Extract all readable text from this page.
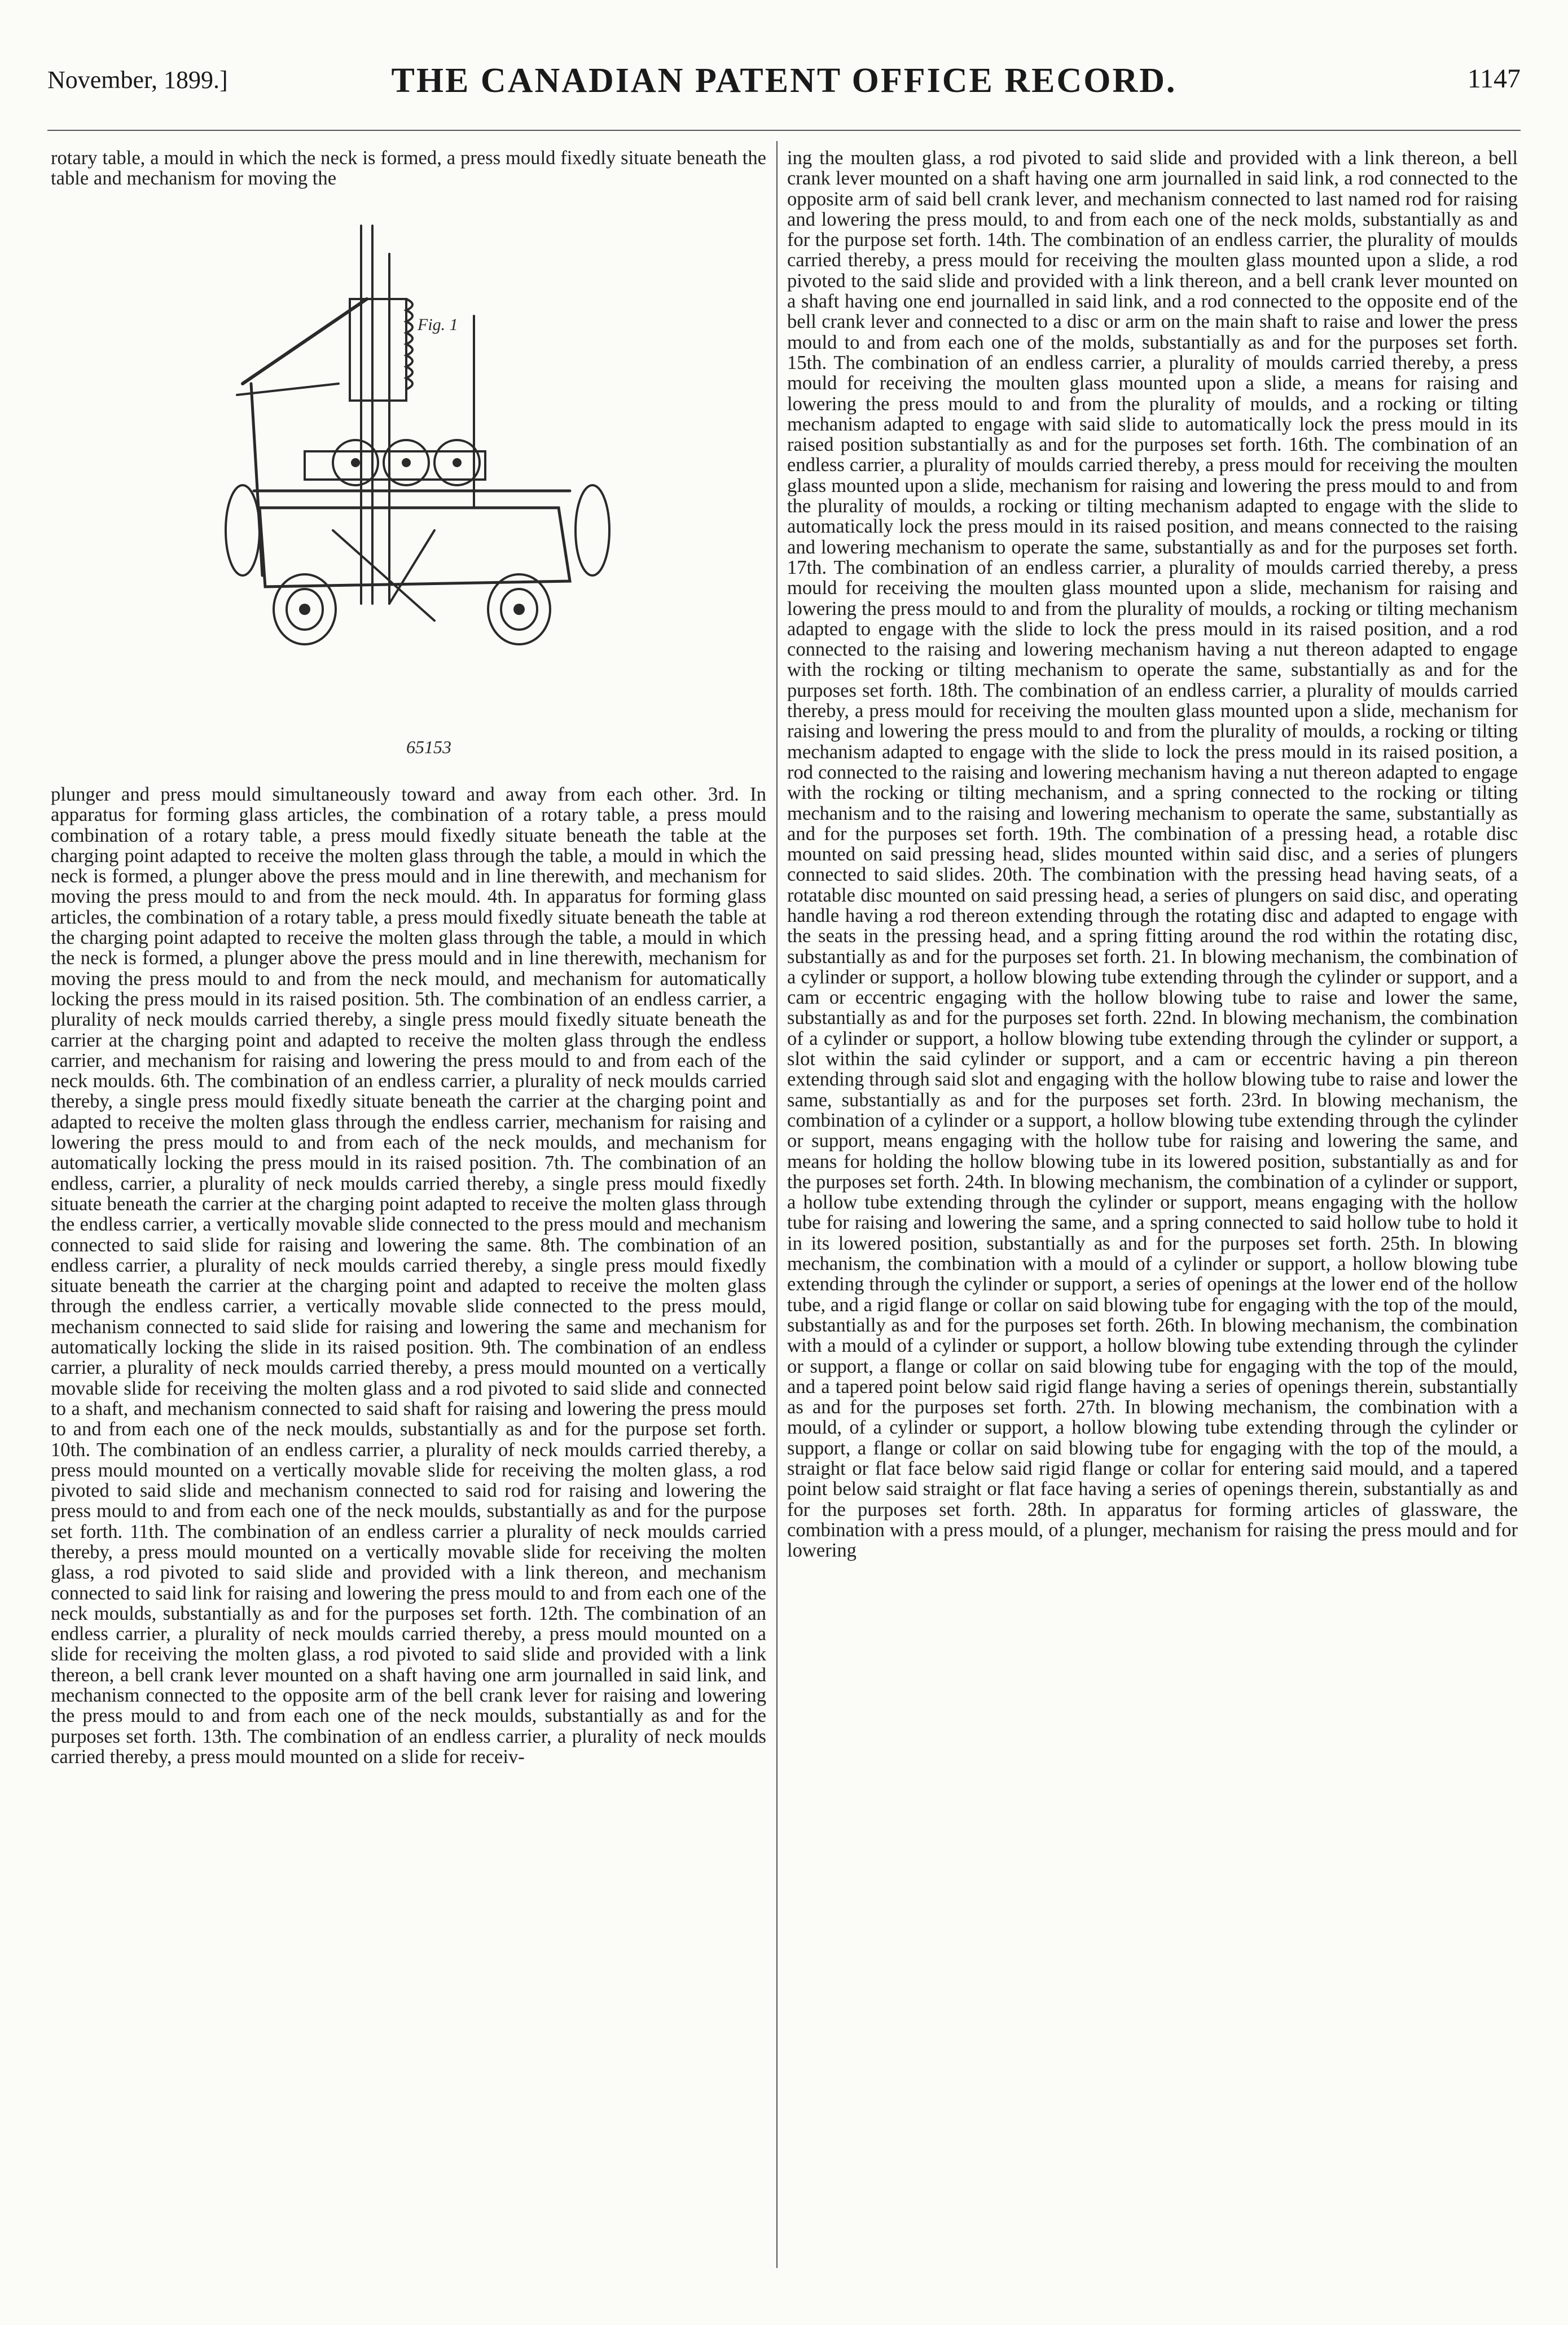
November, 1899.]	THE CANADIAN PATENT OFFICE RECORD.	1147

rotary table, a mould in which the neck is formed, a press mould fixedly situate beneath the table and mechanism for moving the

Fig. 1
65153

plunger and press mould simultaneously toward and away from each other. 3rd. In apparatus for forming glass articles, the combination of a rotary table, a press mould combination of a rotary table, a press mould fixedly situate beneath the table at the charging point adapted to receive the molten glass through the table, a mould in which the neck is formed, a plunger above the press mould and in line therewith, and mechanism for moving the press mould to and from the neck mould. 4th. In apparatus for forming glass articles, the combination of a rotary table, a press mould fixedly situate beneath the table at the charging point adapted to receive the molten glass through the table, a mould in which the neck is formed, a plunger above the press mould and in line therewith, mechanism for moving the press mould to and from the neck mould, and mechanism for automatically locking the press mould in its raised position. 5th. The combination of an endless carrier, a plurality of neck moulds carried thereby, a single press mould fixedly situate beneath the carrier at the charging point and adapted to receive the molten glass through the endless carrier, and mechanism for raising and lowering the press mould to and from each of the neck moulds. 6th. The combination of an endless carrier, a plurality of neck moulds carried thereby, a single press mould fixedly situate beneath the carrier at the charging point and adapted to receive the molten glass through the endless carrier, mechanism for raising and lowering the press mould to and from each of the neck moulds, and mechanism for automatically locking the press mould in its raised position. 7th. The combination of an endless, carrier, a plurality of neck moulds carried thereby, a single press mould fixedly situate beneath the carrier at the charging point adapted to receive the molten glass through the endless carrier, a vertically movable slide connected to the press mould and mechanism connected to said slide for raising and lowering the same. 8th. The combination of an endless carrier, a plurality of neck moulds carried thereby, a single press mould fixedly situate beneath the carrier at the charging point and adapted to receive the molten glass through the endless carrier, a vertically movable slide connected to the press mould, mechanism connected to said slide for raising and lowering the same and mechanism for automatically locking the slide in its raised position. 9th. The combination of an endless carrier, a plurality of neck moulds carried thereby, a press mould mounted on a vertically movable slide for receiving the molten glass and a rod pivoted to said slide and connected to a shaft, and mechanism connected to said shaft for raising and lowering the press mould to and from each one of the neck moulds, substantially as and for the purpose set forth. 10th. The combination of an endless carrier, a plurality of neck moulds carried thereby, a press mould mounted on a vertically movable slide for receiving the molten glass, a rod pivoted to said slide and mechanism connected to said rod for raising and lowering the press mould to and from each one of the neck moulds, substantially as and for the purpose set forth. 11th. The combination of an endless carrier a plurality of neck moulds carried thereby, a press mould mounted on a vertically movable slide for receiving the molten glass, a rod pivoted to said slide and provided with a link thereon, and mechanism connected to said link for raising and lowering the press mould to and from each one of the neck moulds, substantially as and for the purposes set forth. 12th. The combination of an endless carrier, a plurality of neck moulds carried thereby, a press mould mounted on a slide for receiving the molten glass, a rod pivoted to said slide and provided with a link thereon, a bell crank lever mounted on a shaft having one arm journalled in said link, and mechanism connected to the opposite arm of the bell crank lever for raising and lowering the press mould to and from each one of the neck moulds, substantially as and for the purposes set forth. 13th. The combination of an endless carrier, a plurality of neck moulds carried thereby, a press mould mounted on a slide for receiv-

ing the moulten glass, a rod pivoted to said slide and provided with a link thereon, a bell crank lever mounted on a shaft having one arm journalled in said link, a rod connected to the opposite arm of said bell crank lever, and mechanism connected to last named rod for raising and lowering the press mould, to and from each one of the neck molds, substantially as and for the purpose set forth. 14th. The combination of an endless carrier, the plurality of moulds carried thereby, a press mould for receiving the moulten glass mounted upon a slide, a rod pivoted to the said slide and provided with a link thereon, and a bell crank lever mounted on a shaft having one end journalled in said link, and a rod connected to the opposite end of the bell crank lever and connected to a disc or arm on the main shaft to raise and lower the press mould to and from each one of the molds, substantially as and for the purposes set forth. 15th. The combination of an endless carrier, a plurality of moulds carried thereby, a press mould for receiving the moulten glass mounted upon a slide, a means for raising and lowering the press mould to and from the plurality of moulds, and a rocking or tilting mechanism adapted to engage with said slide to automatically lock the press mould in its raised position substantially as and for the purposes set forth. 16th. The combination of an endless carrier, a plurality of moulds carried thereby, a press mould for receiving the moulten glass mounted upon a slide, mechanism for raising and lowering the press mould to and from the plurality of moulds, a rocking or tilting mechanism adapted to engage with the slide to automatically lock the press mould in its raised position, and means connected to the raising and lowering mechanism to operate the same, substantially as and for the purposes set forth. 17th. The combination of an endless carrier, a plurality of moulds carried thereby, a press mould for receiving the moulten glass mounted upon a slide, mechanism for raising and lowering the press mould to and from the plurality of moulds, a rocking or tilting mechanism adapted to engage with the slide to lock the press mould in its raised position, and a rod connected to the raising and lowering mechanism having a nut thereon adapted to engage with the rocking or tilting mechanism to operate the same, substantially as and for the purposes set forth. 18th. The combination of an endless carrier, a plurality of moulds carried thereby, a press mould for receiving the moulten glass mounted upon a slide, mechanism for raising and lowering the press mould to and from the plurality of moulds, a rocking or tilting mechanism adapted to engage with the slide to lock the press mould in its raised position, a rod connected to the raising and lowering mechanism having a nut thereon adapted to engage with the rocking or tilting mechanism, and a spring connected to the rocking or tilting mechanism and to the raising and lowering mechanism to operate the same, substantially as and for the purposes set forth. 19th. The combination of a pressing head, a rotable disc mounted on said pressing head, slides mounted within said disc, and a series of plungers connected to said slides. 20th. The combination with the pressing head having seats, of a rotatable disc mounted on said pressing head, a series of plungers on said disc, and operating handle having a rod thereon extending through the rotating disc and adapted to engage with the seats in the pressing head, and a spring fitting around the rod within the rotating disc, substantially as and for the purposes set forth. 21. In blowing mechanism, the combination of a cylinder or support, a hollow blowing tube extending through the cylinder or support, and a cam or eccentric engaging with the hollow blowing tube to raise and lower the same, substantially as and for the purposes set forth. 22nd. In blowing mechanism, the combination of a cylinder or support, a hollow blowing tube extending through the cylinder or support, a slot within the said cylinder or support, and a cam or eccentric having a pin thereon extending through said slot and engaging with the hollow blowing tube to raise and lower the same, substantially as and for the purposes set forth. 23rd. In blowing mechanism, the combination of a cylinder or a support, a hollow blowing tube extending through the cylinder or support, means engaging with the hollow tube for raising and lowering the same, and means for holding the hollow blowing tube in its lowered position, substantially as and for the purposes set forth. 24th. In blowing mechanism, the combination of a cylinder or support, a hollow tube extending through the cylinder or support, means engaging with the hollow tube for raising and lowering the same, and a spring connected to said hollow tube to hold it in its lowered position, substantially as and for the purposes set forth. 25th. In blowing mechanism, the combination with a mould of a cylinder or support, a hollow blowing tube extending through the cylinder or support, a series of openings at the lower end of the hollow tube, and a rigid flange or collar on said blowing tube for engaging with the top of the mould, substantially as and for the purposes set forth. 26th. In blowing mechanism, the combination with a mould of a cylinder or support, a hollow blowing tube extending through the cylinder or support, a flange or collar on said blowing tube for engaging with the top of the mould, and a tapered point below said rigid flange having a series of openings therein, substantially as and for the purposes set forth. 27th. In blowing mechanism, the combination with a mould, of a cylinder or support, a hollow blowing tube extending through the cylinder or support, a flange or collar on said blowing tube for engaging with the top of the mould, a straight or flat face below said rigid flange or collar for entering said mould, and a tapered point below said straight or flat face having a series of openings therein, substantially as and for the purposes set forth. 28th. In apparatus for forming articles of glassware, the combination with a press mould, of a plunger, mechanism for raising the press mould and for lowering
